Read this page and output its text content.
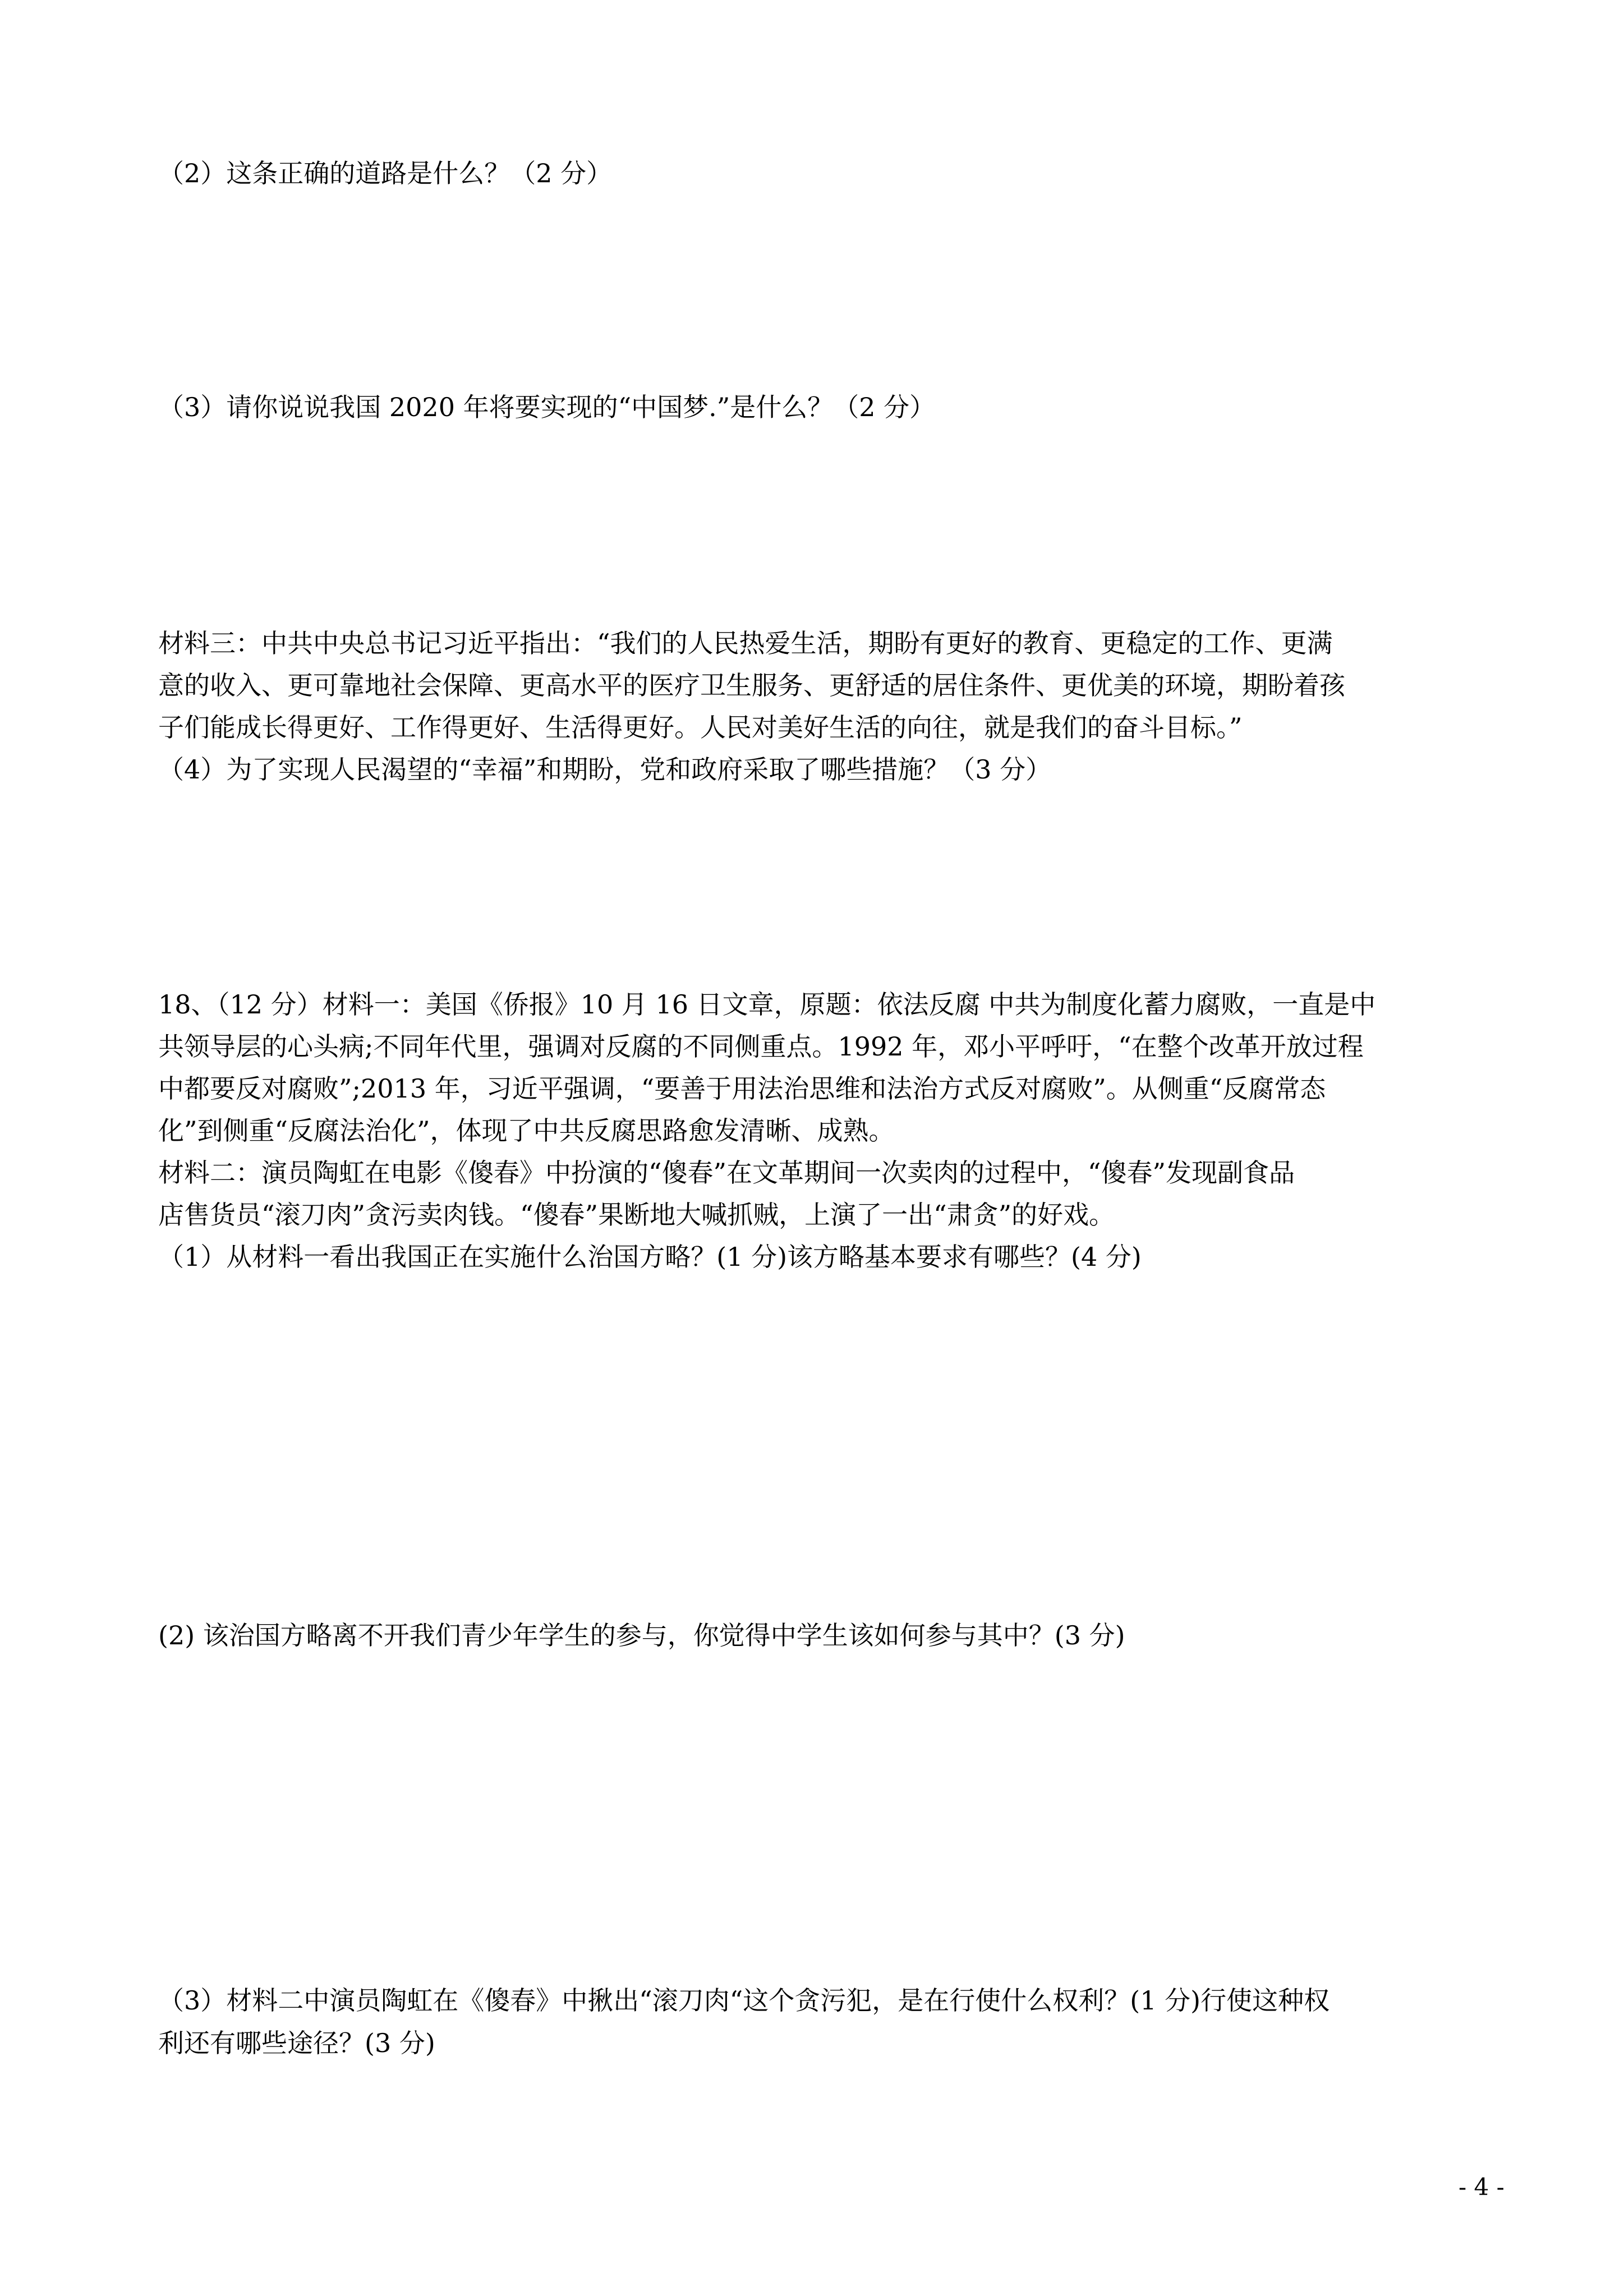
（2）这条正确的道路是什么？（2 分）
（3）请你说说我国 2020 年将要实现的“中国梦.”是什么？（2 分）
材料三：中共中央总书记习近平指出：“我们的人民热爱生活，期盼有更好的教育、更稳定的工作、更满
意的收入、更可靠地社会保障、更高水平的医疗卫生服务、更舒适的居住条件、更优美的环境，期盼着孩
子们能成长得更好、工作得更好、生活得更好。人民对美好生活的向往，就是我们的奋斗目标。”
（4）为了实现人民渴望的“幸福”和期盼，党和政府采取了哪些措施？（3 分）
18、（12 分）材料一：美国《侨报》10 月 16 日文章，原题：依法反腐 中共为制度化蓄力腐败，一直是中
共领导层的心头病;不同年代里，强调对反腐的不同侧重点。1992 年，邓小平呼吁，“在整个改革开放过程
中都要反对腐败”;2013 年，习近平强调，“要善于用法治思维和法治方式反对腐败”。从侧重“反腐常态
化”到侧重“反腐法治化”，体现了中共反腐思路愈发清晰、成熟。
材料二：演员陶虹在电影《傻春》中扮演的“傻春”在文革期间一次卖肉的过程中，“傻春”发现副食品
店售货员“滚刀肉”贪污卖肉钱。“傻春”果断地大喊抓贼，上演了一出“肃贪”的好戏。
（1）从材料一看出我国正在实施什么治国方略？(1 分)该方略基本要求有哪些？(4 分)
(2) 该治国方略离不开我们青少年学生的参与，你觉得中学生该如何参与其中？(3 分)
（3）材料二中演员陶虹在《傻春》中揪出“滚刀肉“这个贪污犯，是在行使什么权利？(1 分)行使这种权
利还有哪些途径？(3 分)
- 4 -
